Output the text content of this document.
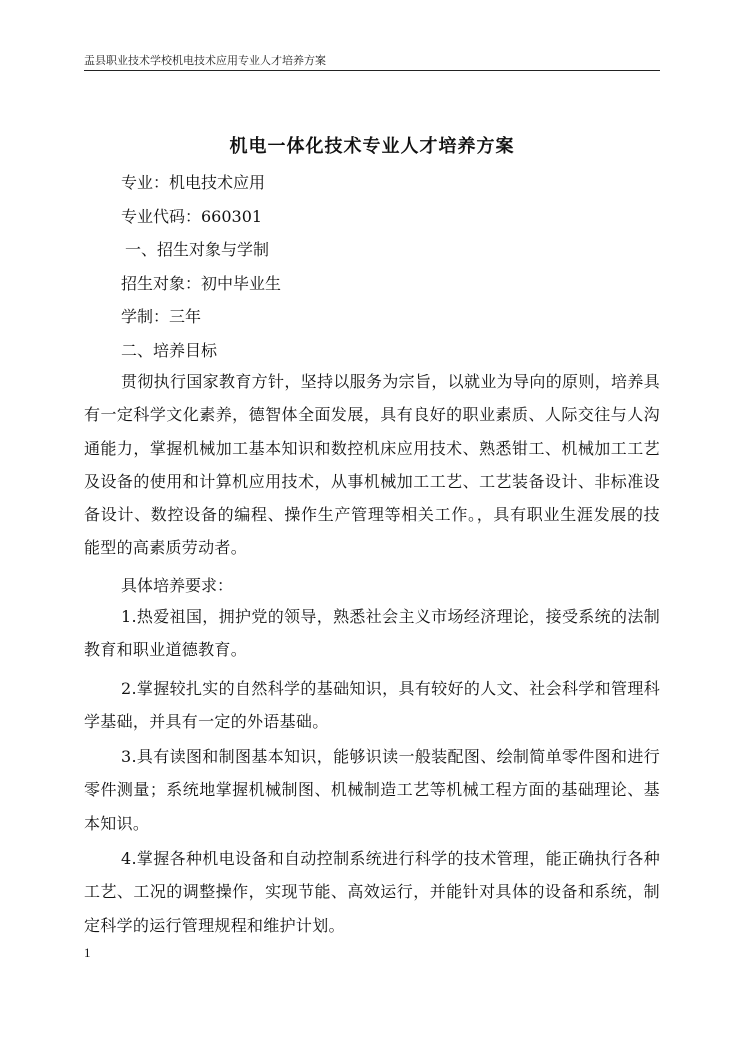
盂县职业技术学校机电技术应用专业人才培养方案
机电一体化技术专业人才培养方案
专业：机电技术应用
专业代码：660301
一、招生对象与学制
招生对象：初中毕业生
学制：三年
二、培养目标
贯彻执行国家教育方针，坚持以服务为宗旨，以就业为导向的原则，培养具有一定科学文化素养，德智体全面发展，具有良好的职业素质、人际交往与人沟通能力，掌握机械加工基本知识和数控机床应用技术、熟悉钳工、机械加工工艺及设备的使用和计算机应用技术，从事机械加工工艺、工艺装备设计、非标准设备设计、数控设备的编程、操作生产管理等相关工作。，具有职业生涯发展的技能型的高素质劳动者。
具体培养要求：
1.热爱祖国，拥护党的领导，熟悉社会主义市场经济理论，接受系统的法制教育和职业道德教育。
2.掌握较扎实的自然科学的基础知识，具有较好的人文、社会科学和管理科学基础，并具有一定的外语基础。
3.具有读图和制图基本知识，能够识读一般装配图、绘制简单零件图和进行零件测量；系统地掌握机械制图、机械制造工艺等机械工程方面的基础理论、基本知识。
4.掌握各种机电设备和自动控制系统进行科学的技术管理，能正确执行各种工艺、工况的调整操作，实现节能、高效运行，并能针对具体的设备和系统，制定科学的运行管理规程和维护计划。
1
